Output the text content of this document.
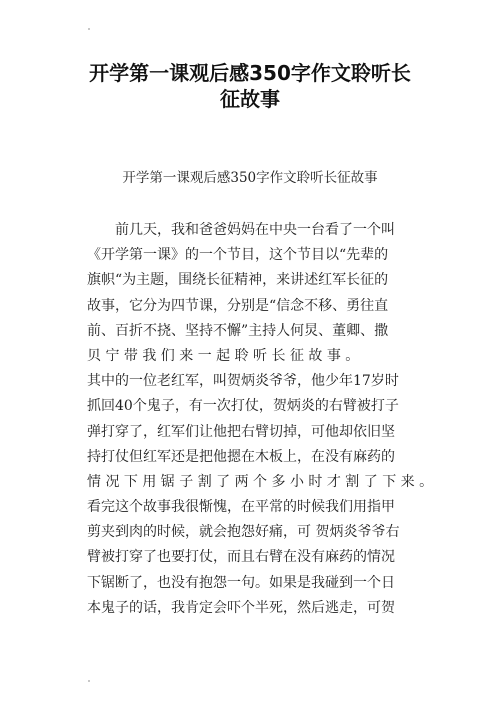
开学第一课观后感350字作文聆听长
征故事
开学第一课观后感350字作文聆听长征故事
　　前几天，我和爸爸妈妈在中央一台看了一个叫
《开学第一课》的一个节目，这个节目以“先辈的
旗帜“为主题，围绕长征精神，来讲述红军长征的
故事，它分为四节课，分别是“信念不移、勇往直
前、百折不挠、坚持不懈”主持人何炅、董卿、撒
贝 宁 带 我 们 来 一 起 聆 听 长 征 故 事 。
其中的一位老红军，叫贺炳炎爷爷，他少年17岁时
抓回40个鬼子，有一次打仗，贺炳炎的右臂被打子
弹打穿了，红军们让他把右臂切掉，可他却依旧坚
持打仗但红军还是把他摁在木板上，在没有麻药的
情 况 下 用 锯 子 割 了 两 个 多 小 时 才 割 了 下 来 。
看完这个故事我很惭愧，在平常的时候我们用指甲
剪夹到肉的时候，就会抱怨好痛，可 贺炳炎爷爷右
臂被打穿了也要打仗，而且右臂在没有麻药的情况
下锯断了，也没有抱怨一句。如果是我碰到一个日
本鬼子的话，我肯定会吓个半死，然后逃走，可贺
